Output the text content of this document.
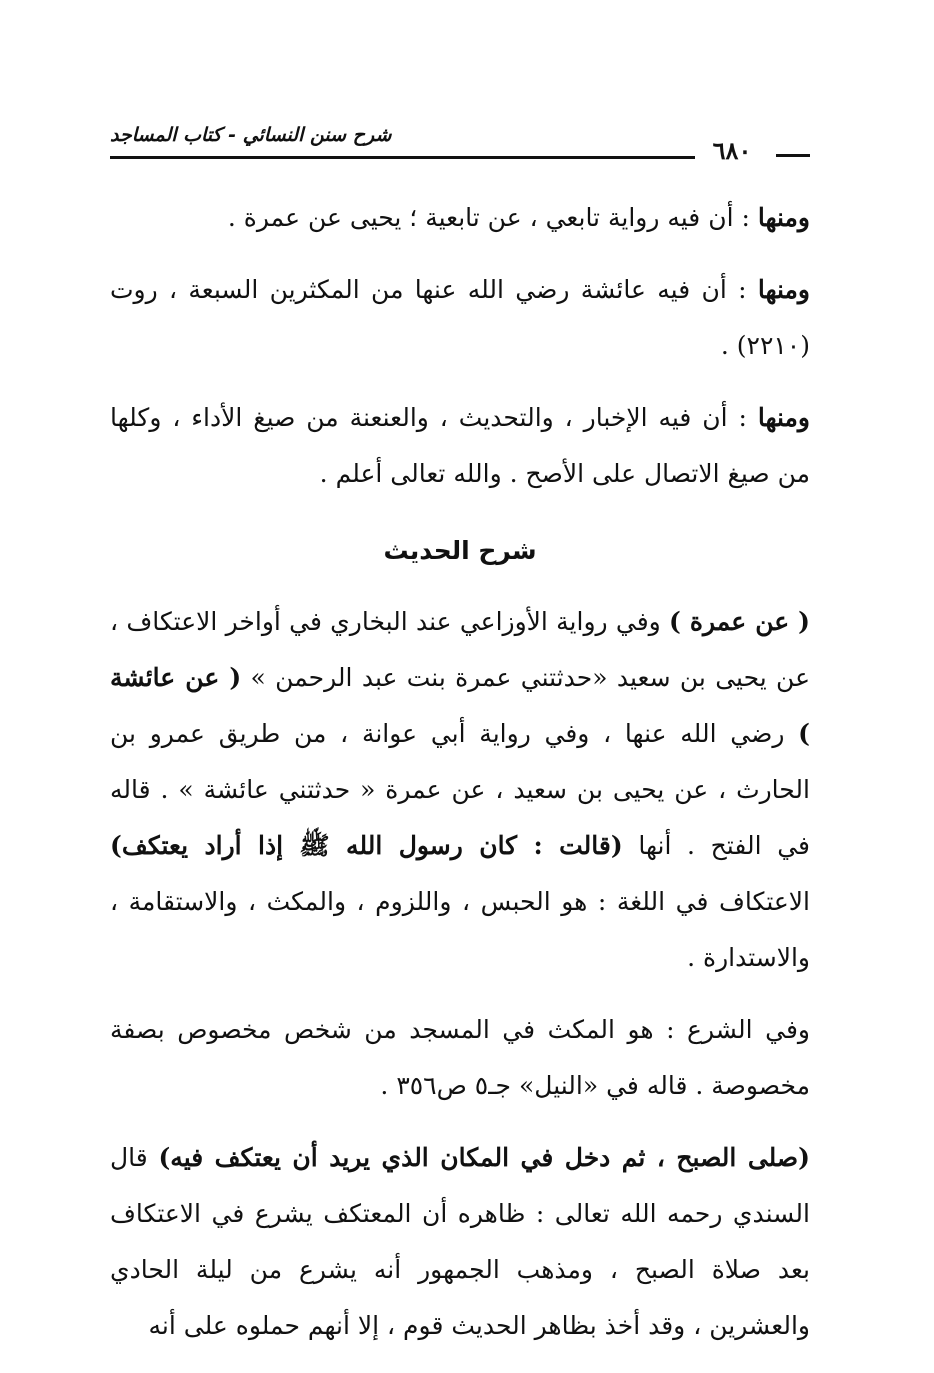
شرح سنن النسائي - كتاب المساجد
٦٨٠

ومنها : أن فيه رواية تابعي ، عن تابعية ؛ يحيى عن عمرة .

ومنها : أن فيه عائشة رضي الله عنها من المكثرين السبعة ، روت (٢٢١٠) .

ومنها : أن فيه الإخبار ، والتحديث ، والعنعنة من صيغ الأداء ، وكلها من صيغ الاتصال على الأصح . والله تعالى أعلم .

شرح الحديث

( عن عمرة ) وفي رواية الأوزاعي عند البخاري في أواخر الاعتكاف ، عن يحيى بن سعيد «حدثتني عمرة بنت عبد الرحمن » ( عن عائشة ) رضي الله عنها ، وفي رواية أبي عوانة ، من طريق عمرو بن الحارث ، عن يحيى بن سعيد ، عن عمرة « حدثتني عائشة » . قاله في الفتح . أنها (قالت : كان رسول الله ﷺ إذا أراد يعتكف) الاعتكاف في اللغة : هو الحبس ، واللزوم ، والمكث ، والاستقامة ، والاستدارة .

وفي الشرع : هو المكث في المسجد من شخص مخصوص بصفة مخصوصة . قاله في «النيل» جـ٥ ص٣٥٦ .

(صلى الصبح ، ثم دخل في المكان الذي يريد أن يعتكف فيه) قال السندي رحمه الله تعالى : ظاهره أن المعتكف يشرع في الاعتكاف بعد صلاة الصبح ، ومذهب الجمهور أنه يشرع من ليلة الحادي والعشرين ، وقد أخذ بظاهر الحديث قوم ، إلا أنهم حملوه على أنه
